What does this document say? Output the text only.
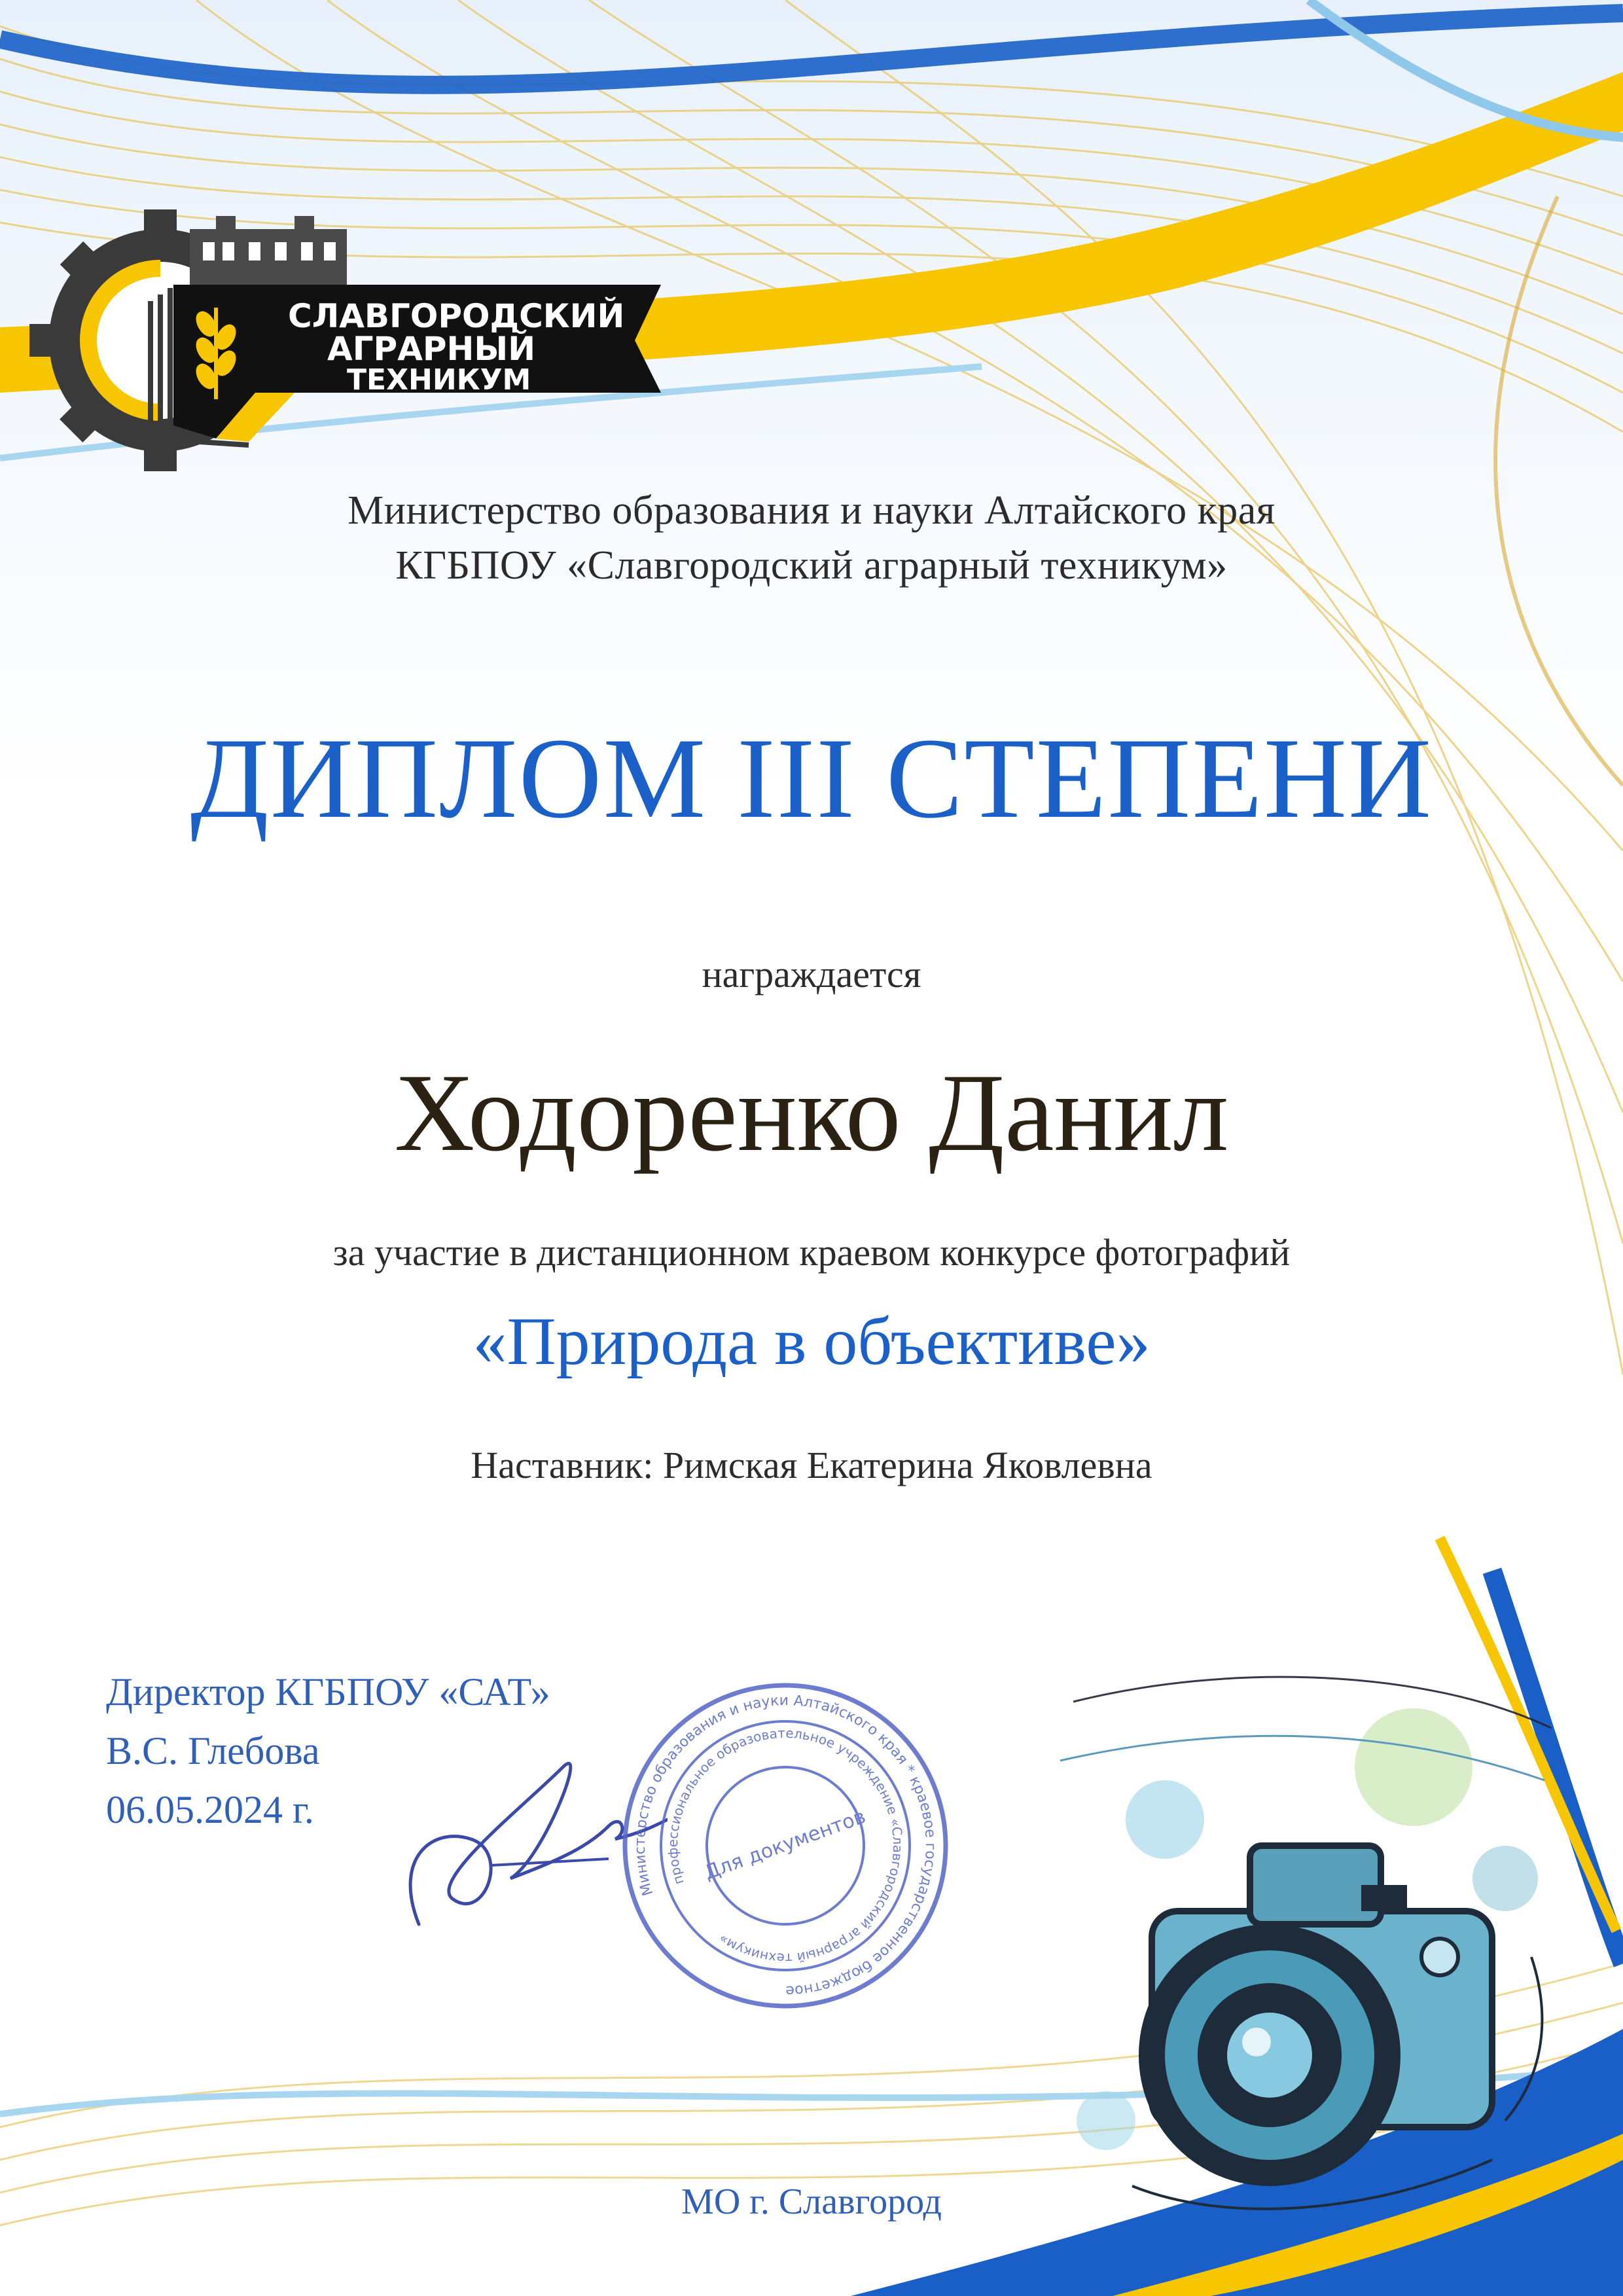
СЛАВГОРОДСКИЙ
АГРАРНЫЙ
ТЕХНИКУМ
Министерство образования и науки Алтайского края
КГБПОУ «Славгородский аграрный техникум»
ДИПЛОМ III СТЕПЕНИ
награждается
Ходоренко Данил
за участие в дистанционном краевом конкурсе фотографий
«Природа в объективе»
Наставник: Римская Екатерина Яковлевна
Директор КГБПОУ «САТ»
В.С. Глебова
06.05.2024 г.
Министерство образования и науки Алтайского края * краевое государственное бюджетное
профессиональное образовательное учреждение «Славгородский аграрный техникум»
Для документов
МО г. Славгород
